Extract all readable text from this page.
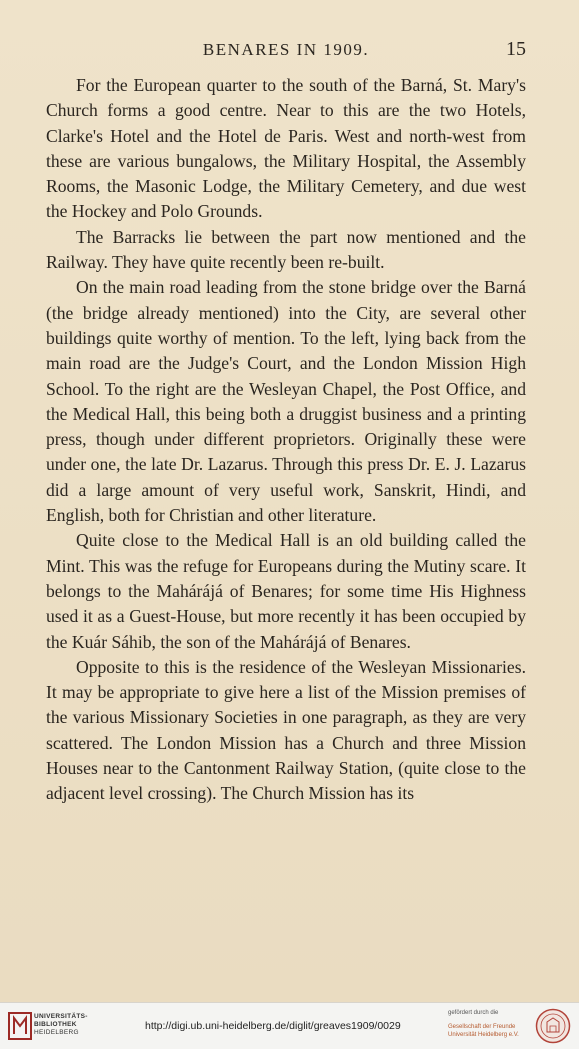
BENARES IN 1909.	15

For the European quarter to the south of the Barná, St. Mary's Church forms a good centre. Near to this are the two Hotels, Clarke's Hotel and the Hotel de Paris. West and north-west from these are various bungalows, the Military Hospital, the Assembly Rooms, the Masonic Lodge, the Military Cemetery, and due west the Hockey and Polo Grounds.

The Barracks lie between the part now mentioned and the Railway. They have quite recently been re-built.

On the main road leading from the stone bridge over the Barná (the bridge already mentioned) into the City, are several other buildings quite worthy of mention. To the left, lying back from the main road are the Judge's Court, and the London Mission High School. To the right are the Wesleyan Chapel, the Post Office, and the Medical Hall, this being both a druggist business and a printing press, though under different proprietors. Originally these were under one, the late Dr. Lazarus. Through this press Dr. E. J. Lazarus did a large amount of very useful work, Sanskrit, Hindi, and English, both for Christian and other literature.

Quite close to the Medical Hall is an old building called the Mint. This was the refuge for Europeans during the Mutiny scare. It belongs to the Mahárájá of Benares; for some time His Highness used it as a Guest-House, but more recently it has been occupied by the Kuár Sáhib, the son of the Mahárájá of Benares.

Opposite to this is the residence of the Wesleyan Missionaries. It may be appropriate to give here a list of the Mission premises of the various Missionary Societies in one paragraph, as they are very scattered. The London Mission has a Church and three Mission Houses near to the Cantonment Railway Station, (quite close to the adjacent level crossing). The Church Mission has its

UNIVERSITÄTS-
BIBLIOTHEK
HEIDELBERG
http://digi.ub.uni-heidelberg.de/diglit/greaves1909/0029
gefördert durch die
Gesellschaft der Freunde
Universität Heidelberg e.V.
